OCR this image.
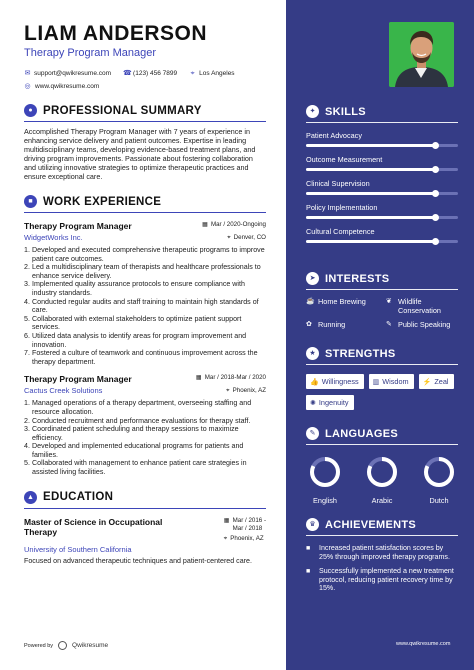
LIAM ANDERSON
Therapy Program Manager
✉ support@qwikresume.com ☎ (123) 456 7899 ⌖ Los Angeles
◎ www.qwikresume.com
● PROFESSIONAL SUMMARY

Accomplished Therapy Program Manager with 7 years of experience in enhancing service delivery and patient outcomes. Expertise in leading multidisciplinary teams, developing evidence-based treatment plans, and driving program improvements. Passionate about fostering collaboration and utilizing innovative strategies to optimize therapeutic practices and ensure exceptional care.

■ WORK EXPERIENCE
Therapy Program Manager	▦ Mar / 2020-Ongoing
WidgetWorks Inc.	⌖ Denver, CO
1. Developed and executed comprehensive therapeutic programs to improve patient care outcomes.
2. Led a multidisciplinary team of therapists and healthcare professionals to enhance service delivery.
3. Implemented quality assurance protocols to ensure compliance with industry standards.
4. Conducted regular audits and staff training to maintain high standards of care.
5. Collaborated with external stakeholders to optimize patient support services.
6. Utilized data analysis to identify areas for program improvement and innovation.
7. Fostered a culture of teamwork and continuous improvement across the therapy department.
Therapy Program Manager	▦ Mar / 2018-Mar / 2020
Cactus Creek Solutions	⌖ Phoenix, AZ
1. Managed operations of a therapy department, overseeing staffing and resource allocation.
2. Conducted recruitment and performance evaluations for therapy staff.
3. Coordinated patient scheduling and therapy sessions to maximize efficiency.
4. Developed and implemented educational programs for patients and families.
5. Collaborated with management to enhance patient care strategies in assisted living facilities.
▲ EDUCATION
Master of Science in Occupational Therapy
▦ Mar / 2016 -
Mar / 2018
⌖ Phoenix, AZ
University of Southern California
Focused on advanced therapeutic techniques and patient-centered care.
Powered by	Qwikresume
✦ SKILLS
Patient Advocacy
Outcome Measurement
Clinical Supervision
Policy Implementation
Cultural Competence
➤ INTERESTS
☕ Home Brewing	❦ Wildlife Conservation
✿ Running	✎ Public Speaking
★ STRENGTHS
👍 Willingness ▥ Wisdom ⚡ Zeal
✺ Ingenuity
✎ LANGUAGES
English	Arabic	Dutch
♛ ACHIEVEMENTS
■	Increased patient satisfaction scores by 25% through improved therapy programs.
■	Successfully implemented a new treatment protocol, reducing patient recovery time by 15%.
www.qwikresume.com
